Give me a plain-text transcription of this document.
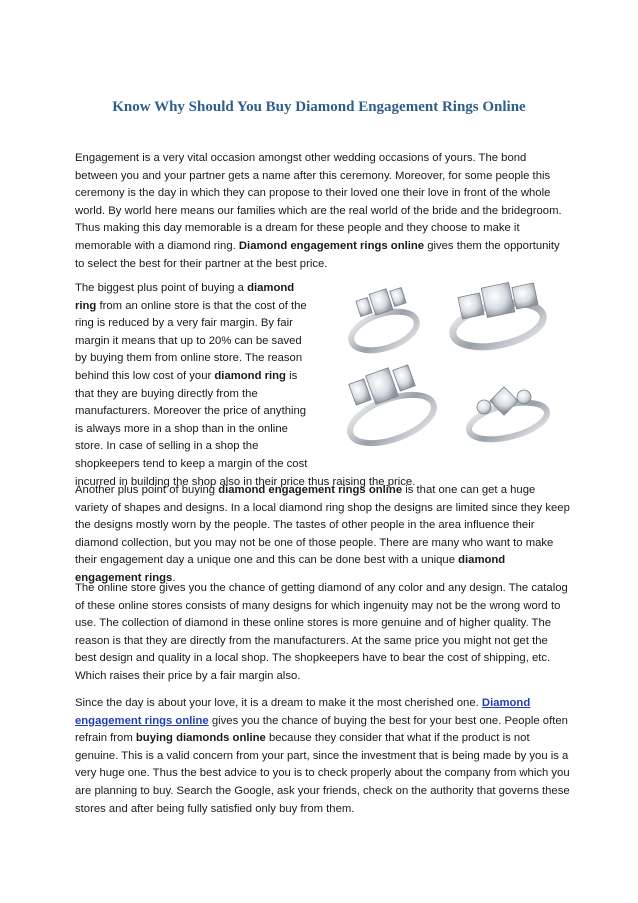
Know Why Should You Buy Diamond Engagement Rings Online

Engagement is a very vital occasion amongst other wedding occasions of yours. The bond between you and your partner gets a name after this ceremony. Moreover, for some people this ceremony is the day in which they can propose to their loved one their love in front of the whole world. By world here means our families which are the real world of the bride and the bridegroom. Thus making this day memorable is a dream for these people and they choose to make it memorable with a diamond ring. Diamond engagement rings online gives them the opportunity to select the best for their partner at the best price.

The biggest plus point of buying a diamond ring from an online store is that the cost of the ring is reduced by a very fair margin. By fair margin it means that up to 20% can be saved by buying them from online store. The reason behind this low cost of your diamond ring is that they are buying directly from the manufacturers. Moreover the price of anything is always more in a shop than in the online store. In case of selling in a shop the shopkeepers tend to keep a margin of the cost
incurred in building the shop also in their price thus raising the price.

Another plus point of buying diamond engagement rings online is that one can get a huge variety of shapes and designs. In a local diamond ring shop the designs are limited since they keep the designs mostly worn by the people. The tastes of other people in the area influence their diamond collection, but you may not be one of those people. There are many who want to make their engagement day a unique one and this can be done best with a unique diamond engagement rings.

The online store gives you the chance of getting diamond of any color and any design. The catalog of these online stores consists of many designs for which ingenuity may not be the wrong word to use. The collection of diamond in these online stores is more genuine and of higher quality. The reason is that they are directly from the manufacturers. At the same price you might not get the best design and quality in a local shop. The shopkeepers have to bear the cost of shipping, etc. Which raises their price by a fair margin also.

Since the day is about your love, it is a dream to make it the most cherished one. Diamond engagement rings online gives you the chance of buying the best for your best one. People often refrain from buying diamonds online because they consider that what if the product is not genuine. This is a valid concern from your part, since the investment that is being made by you is a very huge one. Thus the best advice to you is to check properly about the company from which you are planning to buy. Search the Google, ask your friends, check on the authority that governs these stores and after being fully satisfied only buy from them.
